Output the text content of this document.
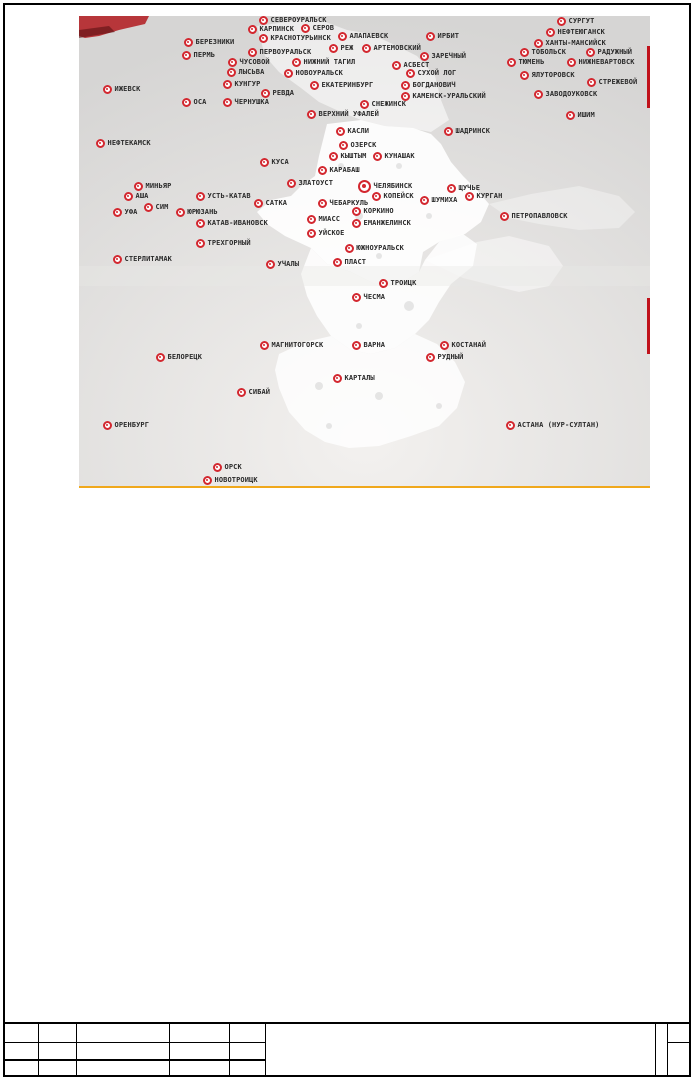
СЕВЕРОУРАЛЬСК
КАРПИНСК	СЕРОВ
СУРГУТ
НЕФТЕЮГАНСК
КРАСНОТУРЬИНСК	АЛАПАЕВСК	ИРБИТ
ХАНТЫ-МАНСИЙСК
БЕРЕЗНИКИ
ПЕРВОУРАЛЬСК	РЕЖ	АРТЕМОВСКИЙ	ТОБОЛЬСК	РАДУЖНЫЙ
ПЕРМЬ	ЗАРЕЧНЫЙ
ЧУСОВОЙ	НИЖНИЙ ТАГИЛ	АСБЕСТ	ТЮМЕНЬ	НИЖНЕВАРТОВСК
ЛЫСЬВА	НОВОУРАЛЬСК	СУХОЙ ЛОГ	ЯЛУТОРОВСК
КУНГУР	СТРЕЖЕВОЙ
ИЖЕВСК	ЕКАТЕРИНБУРГ	БОГДАНОВИЧ
РЕВДА	ЗАВОДОУКОВСК
КАМЕНСК-УРАЛЬСКИЙ
ОСА	ЧЕРНУШКА	СНЕЖИНСК
ВЕРХНИЙ УФАЛЕЙ	ИШИМ
КАСЛИ	ШАДРИНСК
НЕФТЕКАМСК	ОЗЕРСК
КЫШТЫМ	КУНАШАК
КУСА
КАРАБАШ
ЗЛАТОУСТ	ЧЕЛЯБИНСК	ЩУЧЬЕ
МИНЬЯР
АША	УСТЬ-КАТАВ	КОПЕЙСК	КУРГАН
ШУМИХА
СИМ	САТКА	ЧЕБАРКУЛЬ
УФА	ЮРЮЗАНЬ	КОРКИНО
ПЕТРОПАВЛОВСК
МИАСС	ЕМАНЖЕЛИНСК
КАТАВ-ИВАНОВСК
УЙСКОЕ
ТРЕХГОРНЫЙ
ЮЖНОУРАЛЬСК
СТЕРЛИТАМАК
УЧАЛЫ	ПЛАСТ
ТРОИЦК
ЧЕСМА
МАГНИТОГОРСК	ВАРНА	КОСТАНАЙ
БЕЛОРЕЦК	РУДНЫЙ
КАРТАЛЫ
СИБАЙ
ОРЕНБУРГ	АСТАНА (НУР-СУЛТАН)
ОРСК
НОВОТРОИЦК
